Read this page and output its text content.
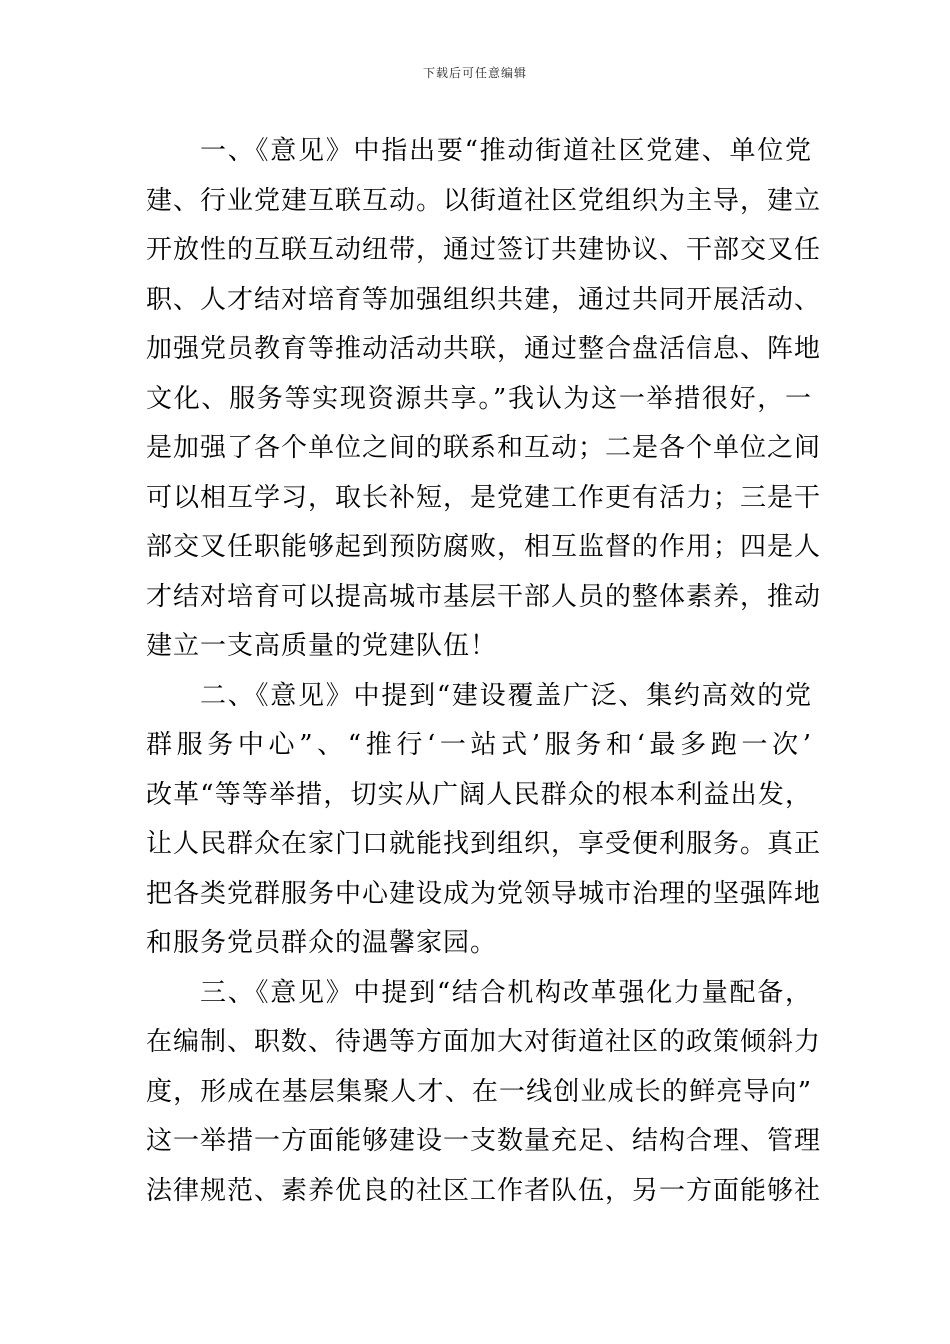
下载后可任意编辑
一、《意见》中指出要“推动街道社区党建、单位党
建、行业党建互联互动。以街道社区党组织为主导，建立
开放性的互联互动纽带，通过签订共建协议、干部交叉任
职、人才结对培育等加强组织共建，通过共同开展活动、
加强党员教育等推动活动共联，通过整合盘活信息、阵地
文化、服务等实现资源共享。”我认为这一举措很好，一
是加强了各个单位之间的联系和互动；二是各个单位之间
可以相互学习，取长补短，是党建工作更有活力；三是干
部交叉任职能够起到预防腐败，相互监督的作用；四是人
才结对培育可以提高城市基层干部人员的整体素养，推动
建立一支高质量的党建队伍！
二、《意见》中提到“建设覆盖广泛、集约高效的党
群服务中心”、“推行‘一站式’服务和‘最多跑一次’
改革“等等举措，切实从广阔人民群众的根本利益出发，
让人民群众在家门口就能找到组织，享受便利服务。真正
把各类党群服务中心建设成为党领导城市治理的坚强阵地
和服务党员群众的温馨家园。
三、《意见》中提到“结合机构改革强化力量配备，
在编制、职数、待遇等方面加大对街道社区的政策倾斜力
度，形成在基层集聚人才、在一线创业成长的鲜亮导向”
这一举措一方面能够建设一支数量充足、结构合理、管理
法律规范、素养优良的社区工作者队伍，另一方面能够社
